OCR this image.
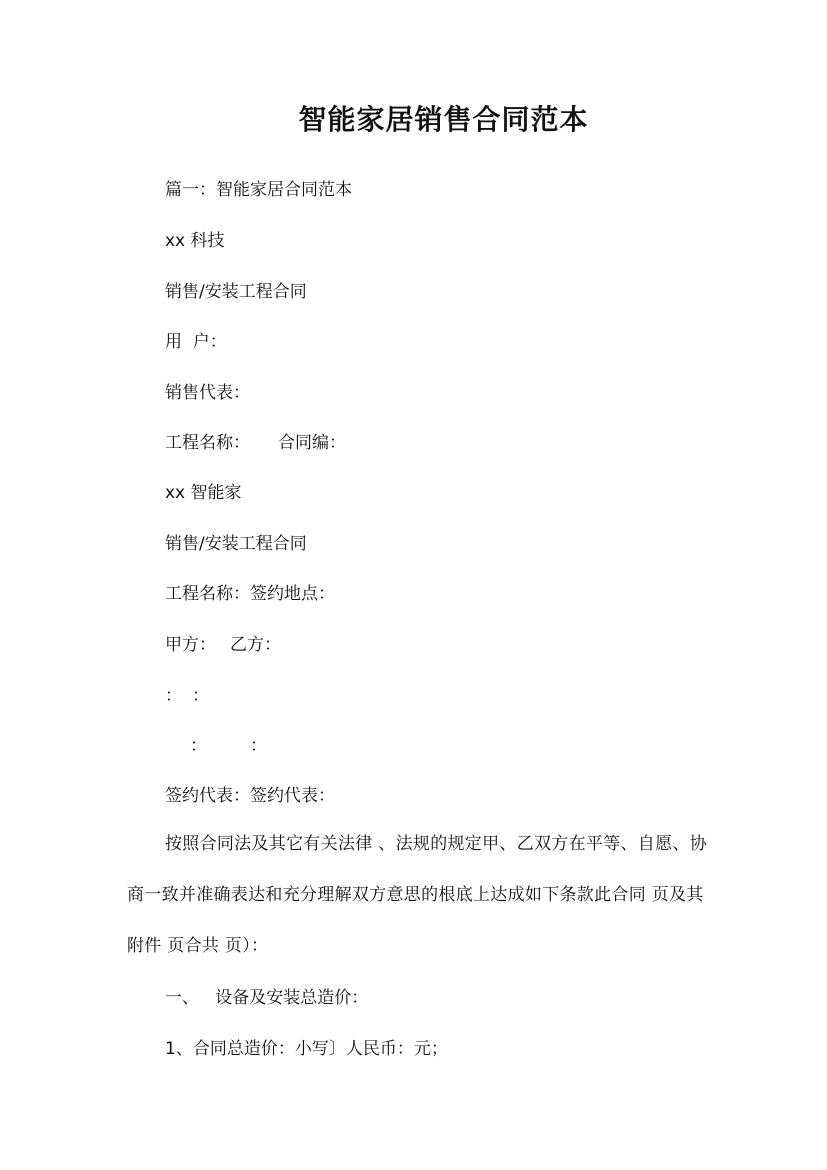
智能家居销售合同范本

篇一：智能家居合同范本

xx 科技

销售/安装工程合同

用  户：

销售代表：

工程名称： 合同编：

xx 智能家

销售/安装工程合同

工程名称：签约地点：

甲方： 乙方：

： ：

：	：

签约代表：签约代表：

按照合同法及其它有关法律 、法规的规定甲、乙双方在平等、自愿、协商一致并准确表达和充分理解双方意思的根底上达成如下条款此合同 页及其附件 页合共 页）：

一、   设备及安装总造价：

1、合同总造价：小写〕人民币：元；
